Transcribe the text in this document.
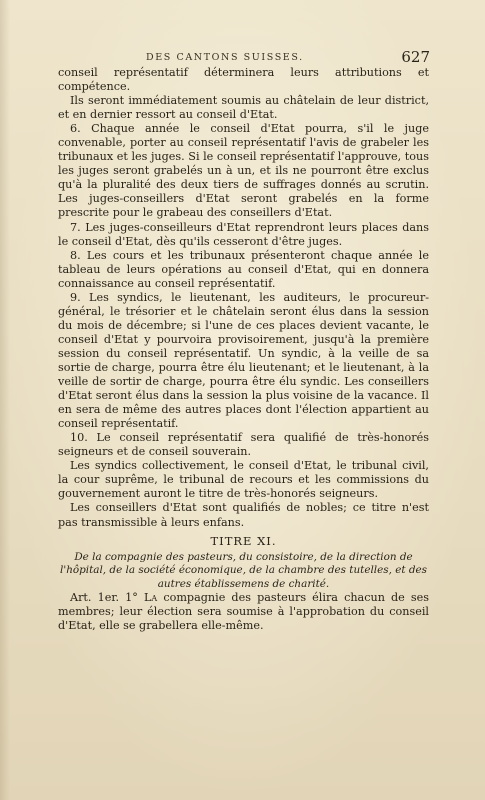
DES CANTONS SUISSES.	627

conseil représentatif déterminera leurs attributions et compétence.

Ils seront immédiatement soumis au châtelain de leur district, et en dernier ressort au conseil d'Etat.

6. Chaque année le conseil d'Etat pourra, s'il le juge convenable, porter au conseil représentatif l'avis de grabeler les tribunaux et les juges. Si le conseil représentatif l'approuve, tous les juges seront grabelés un à un, et ils ne pourront être exclus qu'à la pluralité des deux tiers de suffrages donnés au scrutin. Les juges-conseillers d'Etat seront grabelés en la forme prescrite pour le grabeau des conseillers d'Etat.

7. Les juges-conseilleurs d'Etat reprendront leurs places dans le conseil d'Etat, dès qu'ils cesseront d'être juges.

8. Les cours et les tribunaux présenteront chaque année le tableau de leurs opérations au conseil d'Etat, qui en donnera connaissance au conseil représentatif.

9. Les syndics, le lieutenant, les auditeurs, le procureur-général, le trésorier et le châtelain seront élus dans la session du mois de décembre; si l'une de ces places devient vacante, le conseil d'Etat y pourvoira provisoirement, jusqu'à la première session du conseil représentatif. Un syndic, à la veille de sa sortie de charge, pourra être élu lieutenant; et le lieutenant, à la veille de sortir de charge, pourra être élu syndic. Les conseillers d'Etat seront élus dans la session la plus voisine de la vacance. Il en sera de même des autres places dont l'élection appartient au conseil représentatif.

10. Le conseil représentatif sera qualifié de très-honorés seigneurs et de conseil souverain.

Les syndics collectivement, le conseil d'Etat, le tribunal civil, la cour suprême, le tribunal de recours et les commissions du gouvernement auront le titre de très-honorés seigneurs.

Les conseillers d'Etat sont qualifiés de nobles; ce titre n'est pas transmissible à leurs enfans.

TITRE XI.

De la compagnie des pasteurs, du consistoire, de la direction de l'hôpital, de la société économique, de la chambre des tutelles, et des autres établissemens de charité.

Art. 1er. 1° La compagnie des pasteurs élira chacun de ses membres; leur élection sera soumise à l'approbation du conseil d'Etat, elle se grabellera elle-même.
